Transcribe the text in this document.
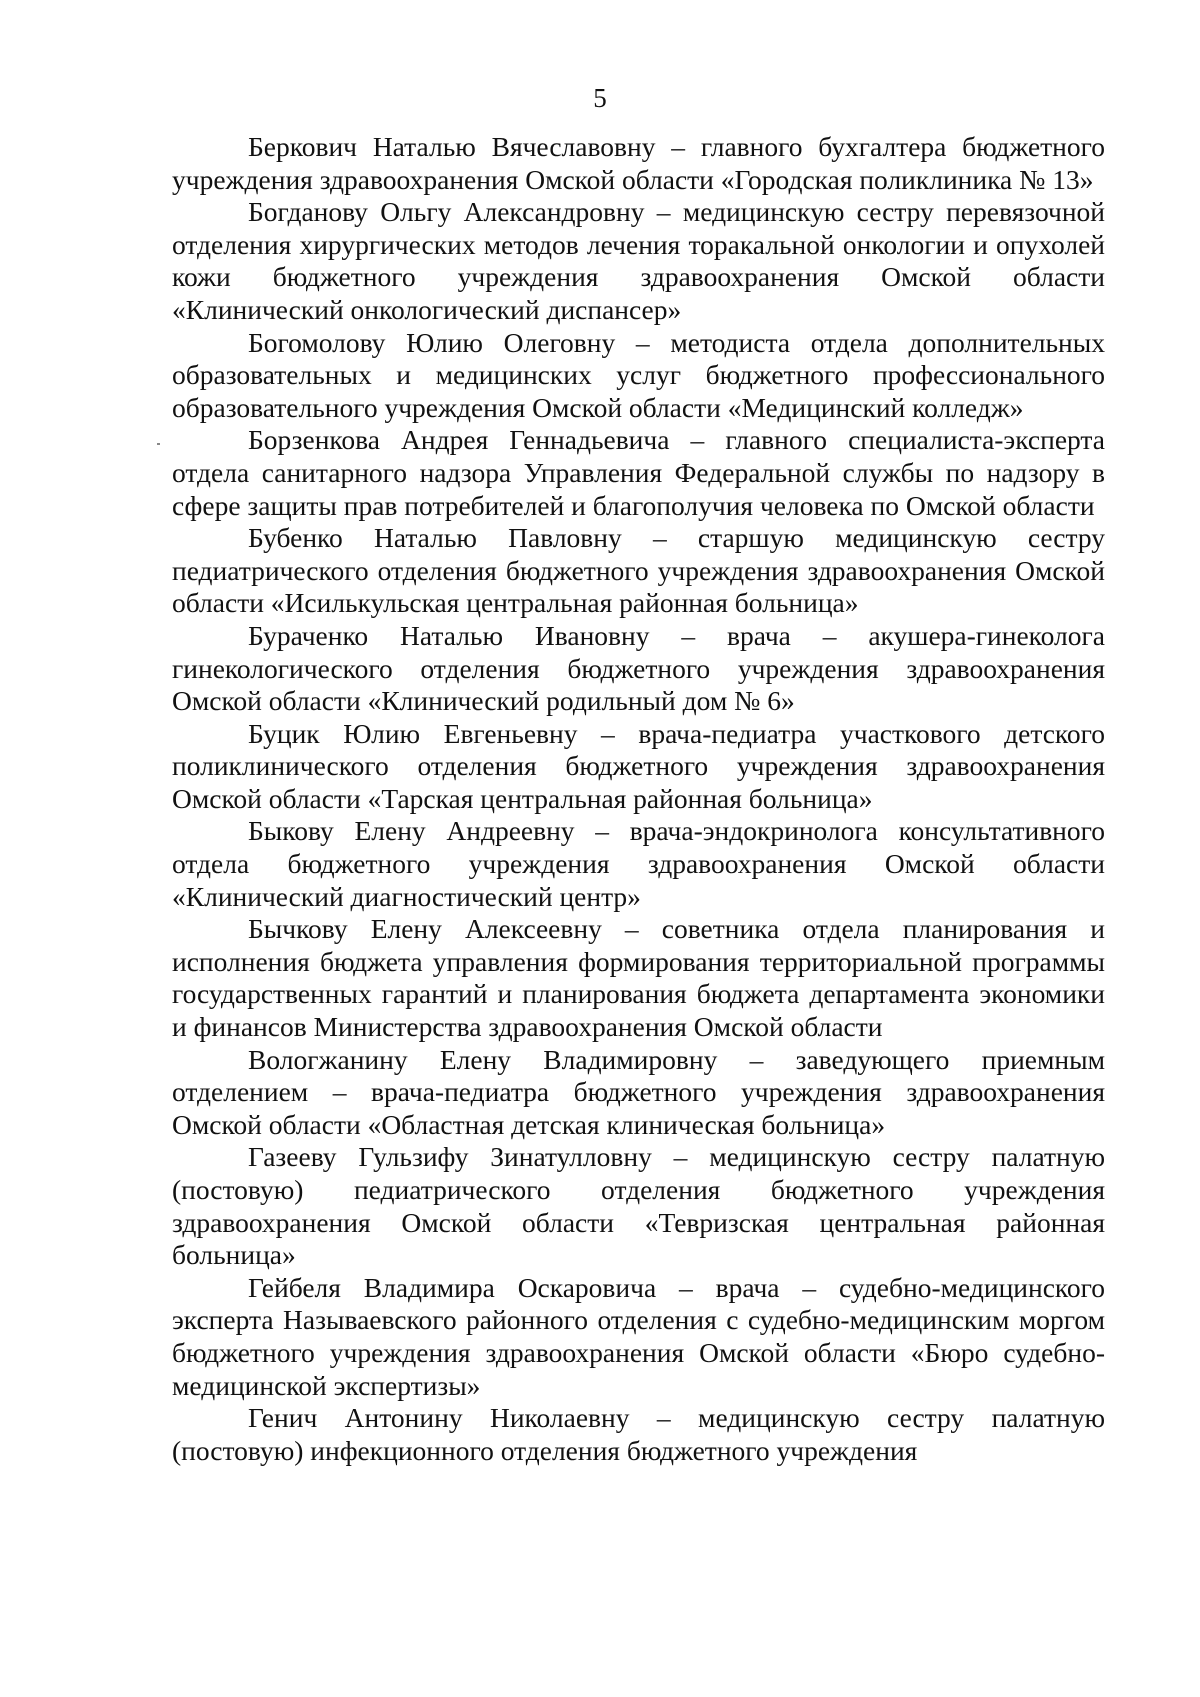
5

Беркович Наталью Вячеславовну – главного бухгалтера бюджетного учреждения здравоохранения Омской области «Городская поликлиника № 13»

Богданову Ольгу Александровну – медицинскую сестру перевязочной отделения хирургических методов лечения торакальной онкологии и опухолей кожи бюджетного учреждения здравоохранения Омской области «Клинический онкологический диспансер»

Богомолову Юлию Олеговну – методиста отдела дополнительных образовательных и медицинских услуг бюджетного профессионального образовательного учреждения Омской области «Медицинский колледж»

Борзенкова Андрея Геннадьевича – главного специалиста-эксперта отдела санитарного надзора Управления Федеральной службы по надзору в сфере защиты прав потребителей и благополучия человека по Омской области

Бубенко Наталью Павловну – старшую медицинскую сестру педиатрического отделения бюджетного учреждения здравоохранения Омской области «Исилькульская центральная районная больница»

Бураченко Наталью Ивановну – врача – акушера-гинеколога гинекологического отделения бюджетного учреждения здравоохранения Омской области «Клинический родильный дом № 6»

Буцик Юлию Евгеньевну – врача-педиатра участкового детского поликлинического отделения бюджетного учреждения здравоохранения Омской области «Тарская центральная районная больница»

Быкову Елену Андреевну – врача-эндокринолога консультативного отдела бюджетного учреждения здравоохранения Омской области «Клинический диагностический центр»

Бычкову Елену Алексеевну – советника отдела планирования и исполнения бюджета управления формирования территориальной программы государственных гарантий и планирования бюджета департамента экономики и финансов Министерства здравоохранения Омской области

Вологжанину Елену Владимировну – заведующего приемным отделением – врача-педиатра бюджетного учреждения здравоохранения Омской области «Областная детская клиническая больница»

Газееву Гульзифу Зинатулловну – медицинскую сестру палатную (постовую) педиатрического отделения бюджетного учреждения здравоохранения Омской области «Тевризская центральная районная больница»

Гейбеля Владимира Оскаровича – врача – судебно-медицинского эксперта Называевского районного отделения с судебно-медицинским моргом бюджетного учреждения здравоохранения Омской области «Бюро судебно-медицинской экспертизы»

Генич Антонину Николаевну – медицинскую сестру палатную (постовую) инфекционного отделения бюджетного учреждения
